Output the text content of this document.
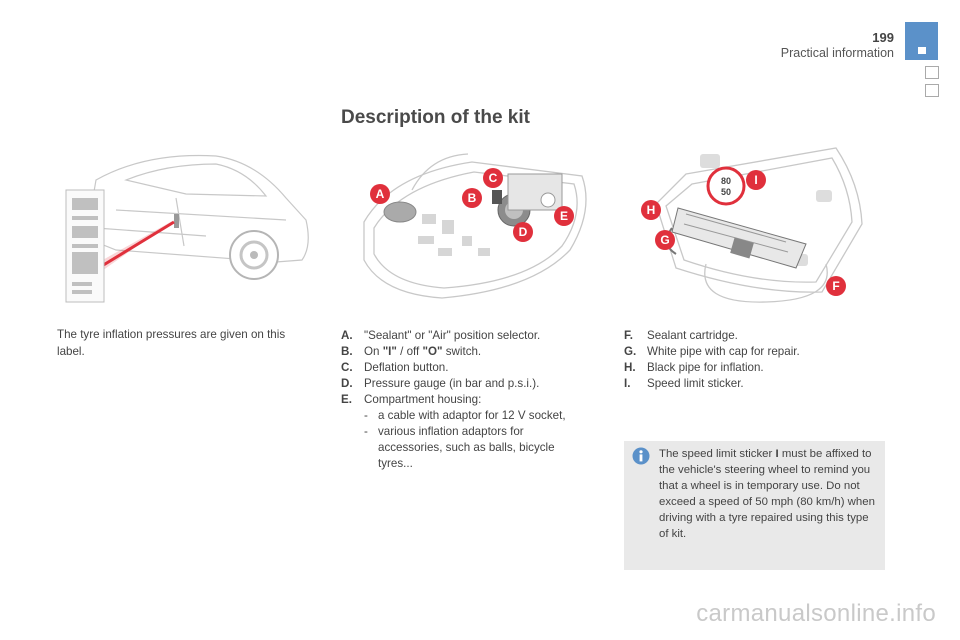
199
Practical information
Description of the kit
A	B
C
D
E
80
50
H
G
I
F
The tyre inflation pressures are given on this label.
A. "Sealant" or "Air" position selector.
B. On "I" / off "O" switch.
C. Deflation button.
D. Pressure gauge (in bar and p.s.i.).
E.	Compartment housing:
- a cable with adaptor for 12 V socket,
- various inflation adaptors for accessories, such as balls, bicycle tyres...
F.	Sealant cartridge.
G. White pipe with cap for repair.
H. Black pipe for inflation.
I.	Speed limit sticker.
The speed limit sticker I must be affixed to the vehicle's steering wheel to remind you that a wheel is in temporary use. Do not exceed a speed of 50 mph (80 km/h) when driving with a tyre repaired using this type of kit.
carmanualsonline.info
